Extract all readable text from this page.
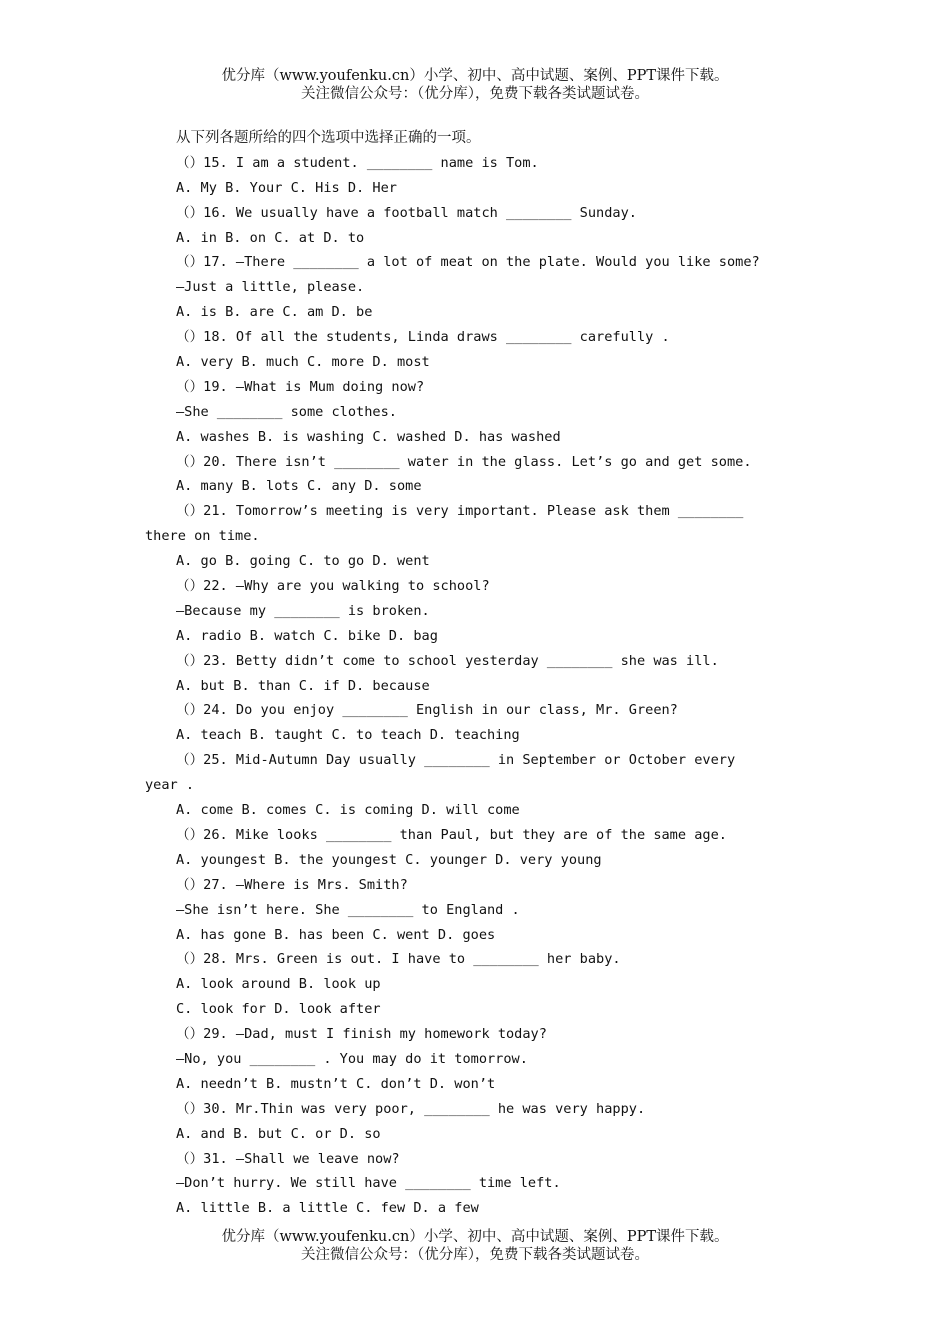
优分库（www.youfenku.cn）小学、初中、高中试题、案例、PPT课件下载。
关注微信公众号：（优分库），免费下载各类试题试卷。
从下列各题所给的四个选项中选择正确的一项。
（）15. I am a student. ________ name is Tom.
A. My B. Your C. His D. Her
（）16. We usually have a football match ________ Sunday.
A. in B. on C. at D. to
（）17. —There ________ a lot of meat on the plate. Would you like some?
—Just a little, please.
A. is B. are C. am D. be
（）18. Of all the students, Linda draws ________ carefully .
A. very B. much C. more D. most
（）19. —What is Mum doing now?
—She ________ some clothes.
A. washes B. is washing C. washed D. has washed
（）20. There isn’t ________ water in the glass. Let’s go and get some.
A. many B. lots C. any D. some
（）21. Tomorrow’s meeting is very important. Please ask them ________
there on time.
A. go B. going C. to go D. went
（）22. —Why are you walking to school?
—Because my ________ is broken.
A. radio B. watch C. bike D. bag
（）23. Betty didn’t come to school yesterday ________ she was ill.
A. but B. than C. if D. because
（）24. Do you enjoy ________ English in our class, Mr. Green?
A. teach B. taught C. to teach D. teaching
（）25. Mid-Autumn Day usually ________ in September or October every
year .
A. come B. comes C. is coming D. will come
（）26. Mike looks ________ than Paul, but they are of the same age.
A. youngest B. the youngest C. younger D. very young
（）27. —Where is Mrs. Smith?
—She isn’t here. She ________ to England .
A. has gone B. has been C. went D. goes
（）28. Mrs. Green is out. I have to ________ her baby.
A. look around B. look up
C. look for D. look after
（）29. —Dad, must I finish my homework today?
—No, you ________ . You may do it tomorrow.
A. needn’t B. mustn’t C. don’t D. won’t
（）30. Mr.Thin was very poor, ________ he was very happy.
A. and B. but C. or D. so
（）31. —Shall we leave now?
—Don’t hurry. We still have ________ time left.
A. little B. a little C. few D. a few
优分库（www.youfenku.cn）小学、初中、高中试题、案例、PPT课件下载。
关注微信公众号：（优分库），免费下载各类试题试卷。
